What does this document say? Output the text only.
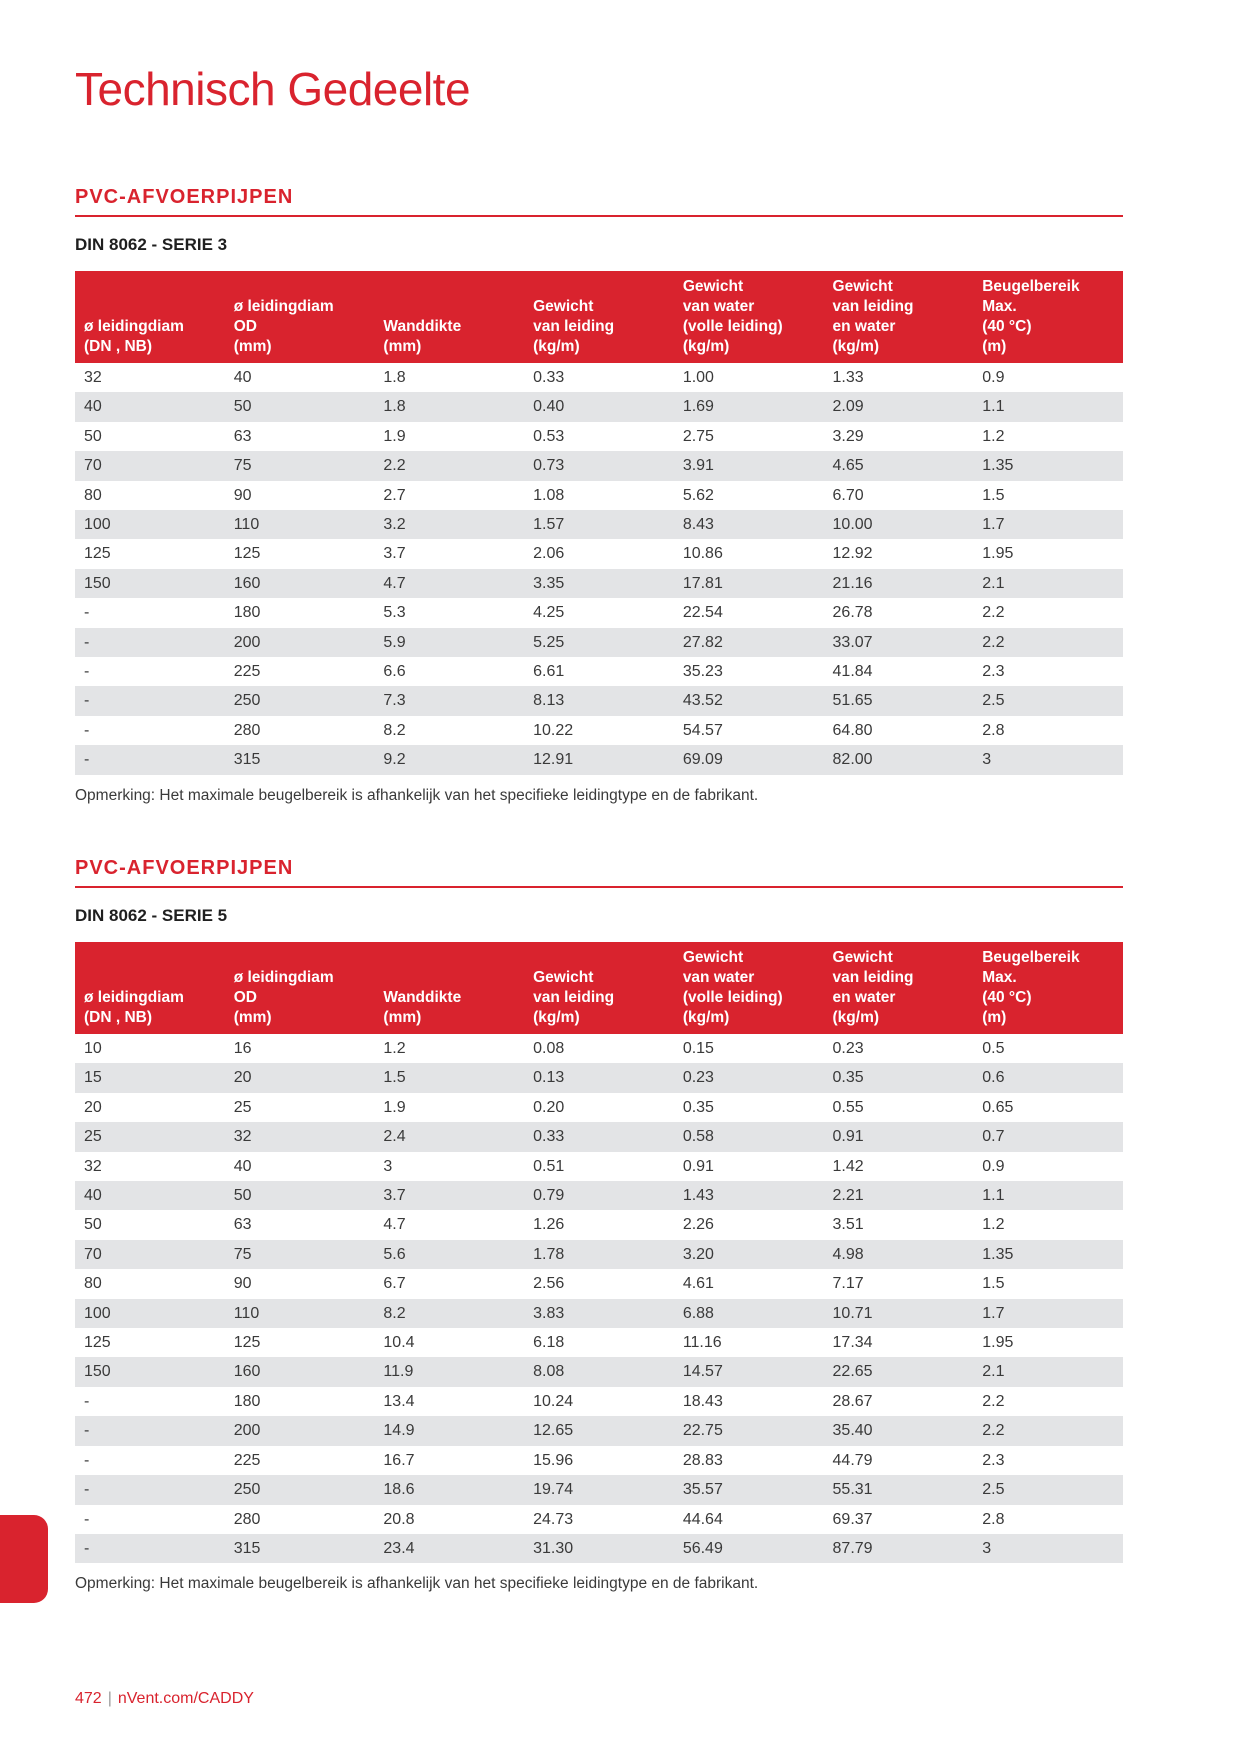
Technisch Gedeelte
PVC-AFVOERPIJPEN
DIN 8062 - SERIE 3
ø leidingdiam
(DN , NB)	ø leidingdiam
OD
(mm)	Wanddikte
(mm)	Gewicht
van leiding
(kg/m)	Gewicht
van water
(volle leiding)
(kg/m)	Gewicht
van leiding
en water
(kg/m)	Beugelbereik
Max.
(40 °C)
(m)
32	40	1.8	0.33	1.00	1.33	0.9
40	50	1.8	0.40	1.69	2.09	1.1
50	63	1.9	0.53	2.75	3.29	1.2
70	75	2.2	0.73	3.91	4.65	1.35
80	90	2.7	1.08	5.62	6.70	1.5
100	110	3.2	1.57	8.43	10.00	1.7
125	125	3.7	2.06	10.86	12.92	1.95
150	160	4.7	3.35	17.81	21.16	2.1
-	180	5.3	4.25	22.54	26.78	2.2
-	200	5.9	5.25	27.82	33.07	2.2
-	225	6.6	6.61	35.23	41.84	2.3
-	250	7.3	8.13	43.52	51.65	2.5
-	280	8.2	10.22	54.57	64.80	2.8
-	315	9.2	12.91	69.09	82.00	3
Opmerking: Het maximale beugelbereik is afhankelijk van het specifieke leidingtype en de fabrikant.
PVC-AFVOERPIJPEN
DIN 8062 - SERIE 5
ø leidingdiam
(DN , NB)	ø leidingdiam
OD
(mm)	Wanddikte
(mm)	Gewicht
van leiding
(kg/m)	Gewicht
van water
(volle leiding)
(kg/m)	Gewicht
van leiding
en water
(kg/m)	Beugelbereik
Max.
(40 °C)
(m)
10	16	1.2	0.08	0.15	0.23	0.5
15	20	1.5	0.13	0.23	0.35	0.6
20	25	1.9	0.20	0.35	0.55	0.65
25	32	2.4	0.33	0.58	0.91	0.7
32	40	3	0.51	0.91	1.42	0.9
40	50	3.7	0.79	1.43	2.21	1.1
50	63	4.7	1.26	2.26	3.51	1.2
70	75	5.6	1.78	3.20	4.98	1.35
80	90	6.7	2.56	4.61	7.17	1.5
100	110	8.2	3.83	6.88	10.71	1.7
125	125	10.4	6.18	11.16	17.34	1.95
150	160	11.9	8.08	14.57	22.65	2.1
-	180	13.4	10.24	18.43	28.67	2.2
-	200	14.9	12.65	22.75	35.40	2.2
-	225	16.7	15.96	28.83	44.79	2.3
-	250	18.6	19.74	35.57	55.31	2.5
-	280	20.8	24.73	44.64	69.37	2.8
-	315	23.4	31.30	56.49	87.79	3
Opmerking: Het maximale beugelbereik is afhankelijk van het specifieke leidingtype en de fabrikant.
472 | nVent.com/CADDY
